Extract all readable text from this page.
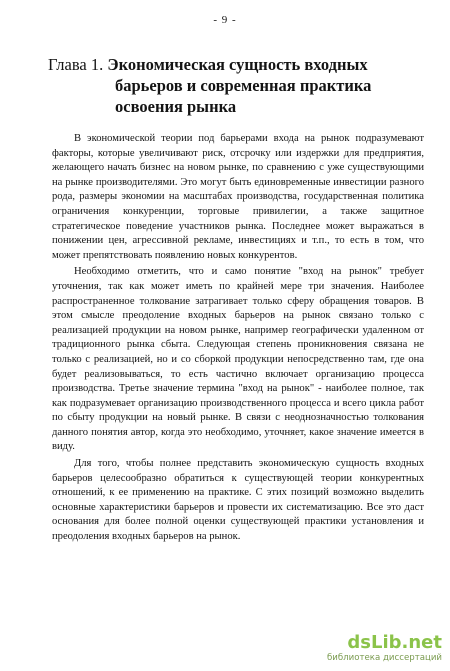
- 9 -
Глава 1. Экономическая сущность входных
барьеров и современная практика освоения рынка

В экономической теории под барьерами входа на рынок подразумевают факторы, которые увеличивают риск, отсрочку или издержки для предприятия, желающего начать бизнес на новом рынке, по сравнению с уже существующими на рынке производителями. Это могут быть единовременные инвестиции разного рода, размеры экономии на масштабах производства, государственная политика ограничения конкуренции, торговые привилегии, а также защитное стратегическое поведение участников рынка. Последнее может выражаться в понижении цен, агрессивной рекламе, инвестициях и т.п., то есть в том, что может препятствовать появлению новых конкурентов.

Необходимо отметить, что и само понятие "вход на рынок" требует уточнения, так как может иметь по крайней мере три значения. Наиболее распространенное толкование затрагивает только сферу обращения товаров. В этом смысле преодоление входных барьеров на рынок связано только с реализацией продукции на новом рынке, например географически удаленном от традиционного рынка сбыта. Следующая степень проникновения связана не только с реализацией, но и со сборкой продукции непосредственно там, где она будет реализовываться, то есть частично включает организацию процесса производства. Третье значение термина "вход на рынок" - наиболее полное, так как подразумевает организацию производственного процесса и всего цикла работ по сбыту продукции на новый рынке. В связи с неоднозначностью толкования данного понятия автор, когда это необходимо, уточняет, какое значение имеется в виду.

Для того, чтобы полнее представить экономическую сущность входных барьеров целесообразно обратиться к существующей теории конкурентных отношений, к ее применению на практике. С этих позиций возможно выделить основные характеристики барьеров и провести их систематизацию. Все это даст основания для более полной оценки существующей практики установления и преодоления входных барьеров на рынок.

dsLib.net
библиотека диссертаций
